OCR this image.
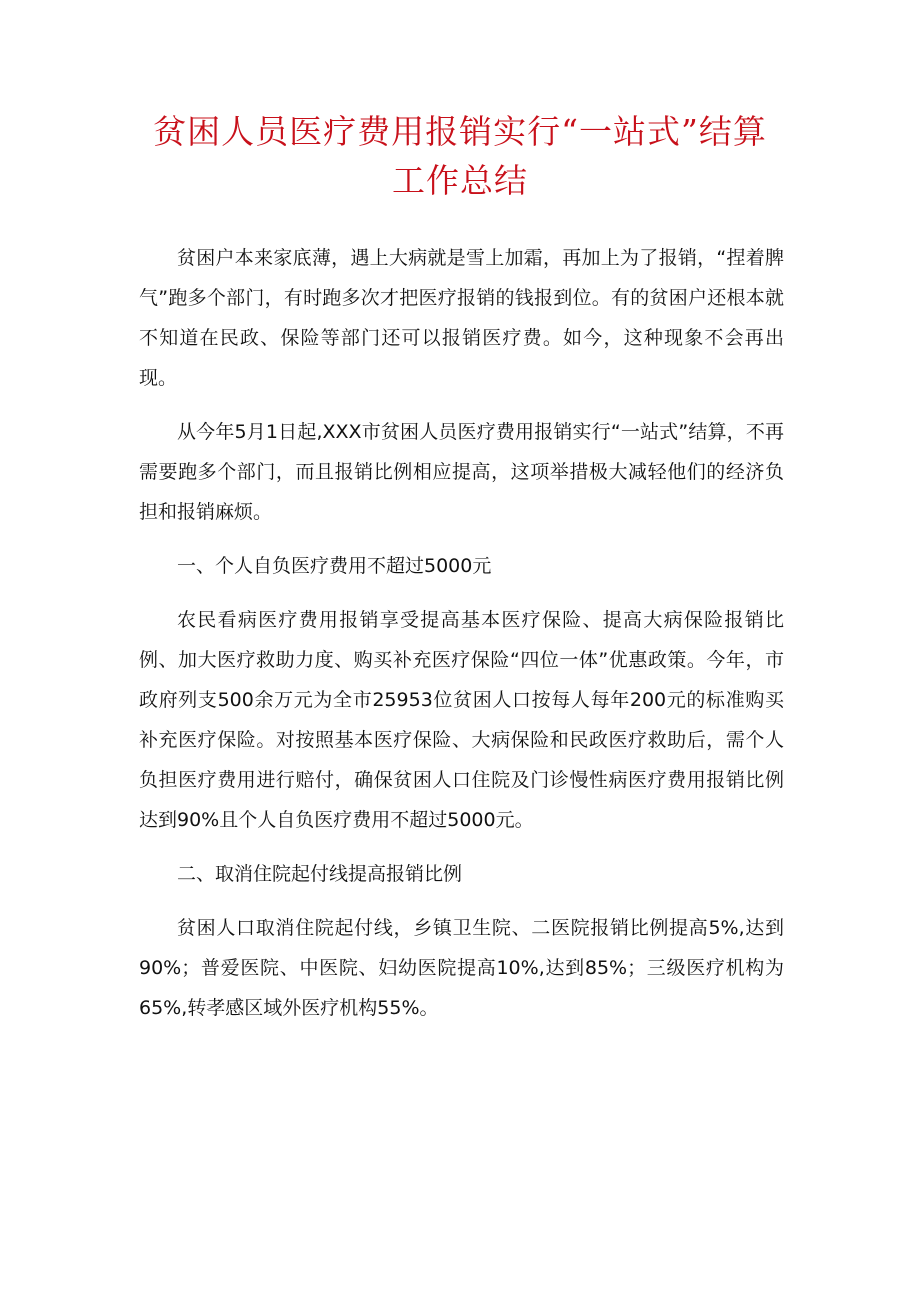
贫困人员医疗费用报销实行“一站式”结算
工作总结

贫困户本来家底薄，遇上大病就是雪上加霜，再加上为了报销，“捏着脾气”跑多个部门，有时跑多次才把医疗报销的钱报到位。有的贫困户还根本就不知道在民政、保险等部门还可以报销医疗费。如今，这种现象不会再出现。

从今年5月1日起,XXX市贫困人员医疗费用报销实行“一站式”结算，不再需要跑多个部门，而且报销比例相应提高，这项举措极大减轻他们的经济负担和报销麻烦。

一、个人自负医疗费用不超过5000元

农民看病医疗费用报销享受提高基本医疗保险、提高大病保险报销比例、加大医疗救助力度、购买补充医疗保险“四位一体”优惠政策。今年，市政府列支500余万元为全市25953位贫困人口按每人每年200元的标准购买补充医疗保险。对按照基本医疗保险、大病保险和民政医疗救助后，需个人负担医疗费用进行赔付，确保贫困人口住院及门诊慢性病医疗费用报销比例达到90%且个人自负医疗费用不超过5000元。

二、取消住院起付线提高报销比例

贫困人口取消住院起付线，乡镇卫生院、二医院报销比例提高5%,达到90%；普爱医院、中医院、妇幼医院提高10%,达到85%；三级医疗机构为65%,转孝感区域外医疗机构55%。
